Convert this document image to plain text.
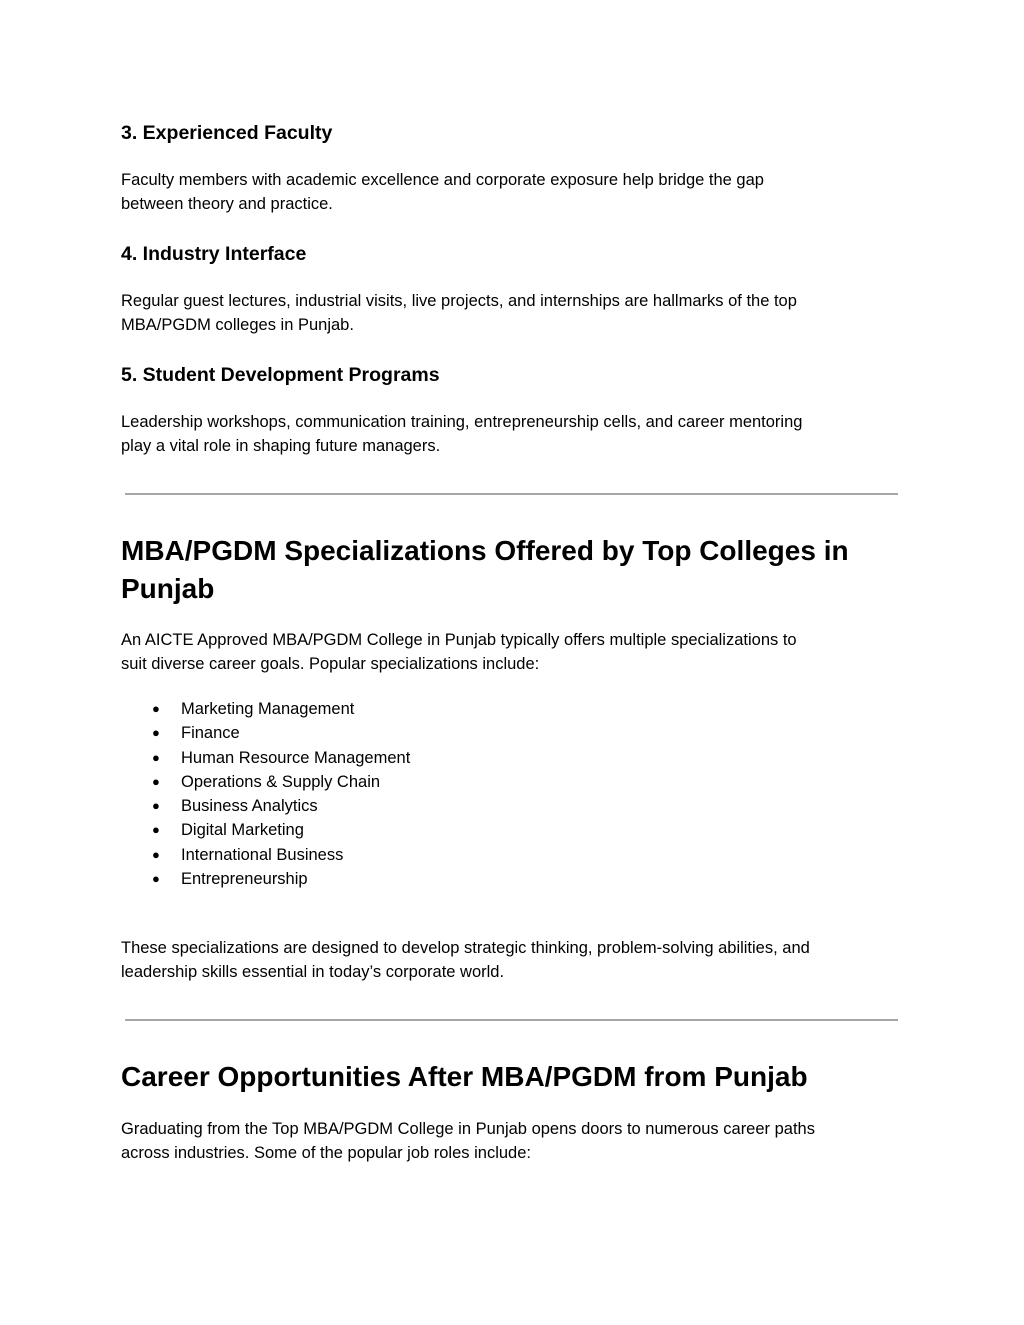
3. Experienced Faculty

Faculty members with academic excellence and corporate exposure help bridge the gap
between theory and practice.

4. Industry Interface

Regular guest lectures, industrial visits, live projects, and internships are hallmarks of the top
MBA/PGDM colleges in Punjab.

5. Student Development Programs

Leadership workshops, communication training, entrepreneurship cells, and career mentoring
play a vital role in shaping future managers.

MBA/PGDM Specializations Offered by Top Colleges in
Punjab

An AICTE Approved MBA/PGDM College in Punjab typically offers multiple specializations to
suit diverse career goals. Popular specializations include:

● Marketing Management
● Finance
● Human Resource Management
● Operations & Supply Chain
● Business Analytics
● Digital Marketing
● International Business
● Entrepreneurship

These specializations are designed to develop strategic thinking, problem-solving abilities, and
leadership skills essential in today’s corporate world.

Career Opportunities After MBA/PGDM from Punjab

Graduating from the Top MBA/PGDM College in Punjab opens doors to numerous career paths
across industries. Some of the popular job roles include:
